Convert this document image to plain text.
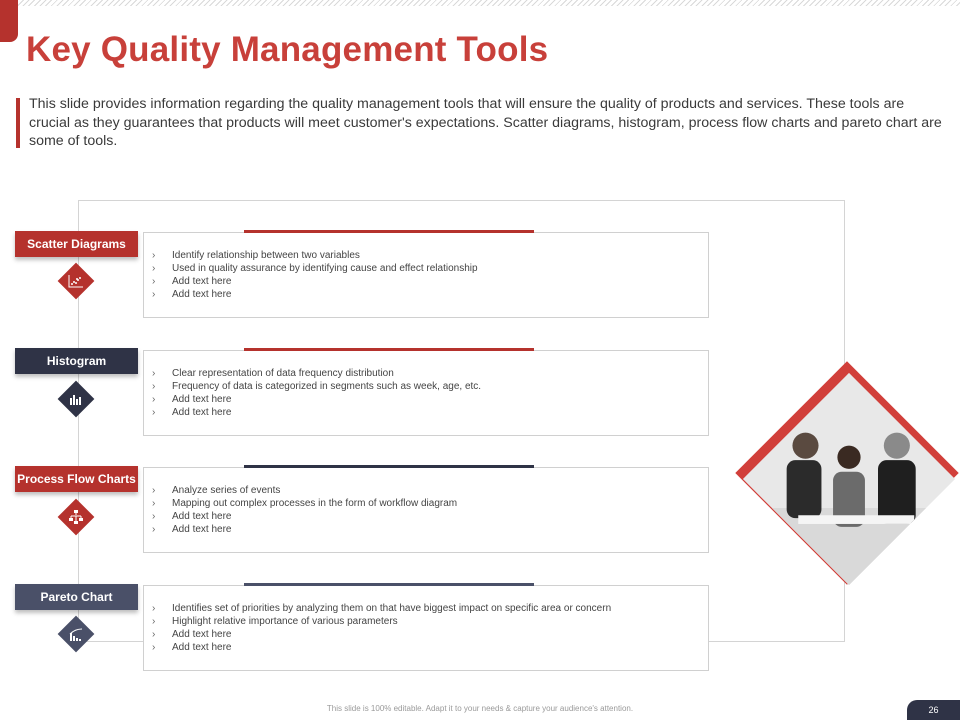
Key Quality Management Tools
This slide provides information regarding the quality management tools that will ensure the quality of products and services. These tools are crucial as they guarantees that products will meet customer's expectations. Scatter diagrams, histogram, process flow charts and pareto chart are some of tools.
› Identify relationship between two variables
› Used in quality assurance by identifying cause and effect relationship
› Add text here
› Add text here
Scatter Diagrams
› Clear representation of data frequency distribution
› Frequency of data is categorized in segments such as week, age, etc.
› Add text here
› Add text here
Histogram
› Analyze series of events
› Mapping out complex processes in the form of workflow diagram
› Add text here
› Add text here
Process Flow Charts
› Identifies set of priorities by analyzing them on that have biggest impact on specific area or concern
› Highlight relative importance of various parameters
› Add text here
› Add text here
Pareto Chart
This slide is 100% editable. Adapt it to your needs & capture your audience's attention.	26
